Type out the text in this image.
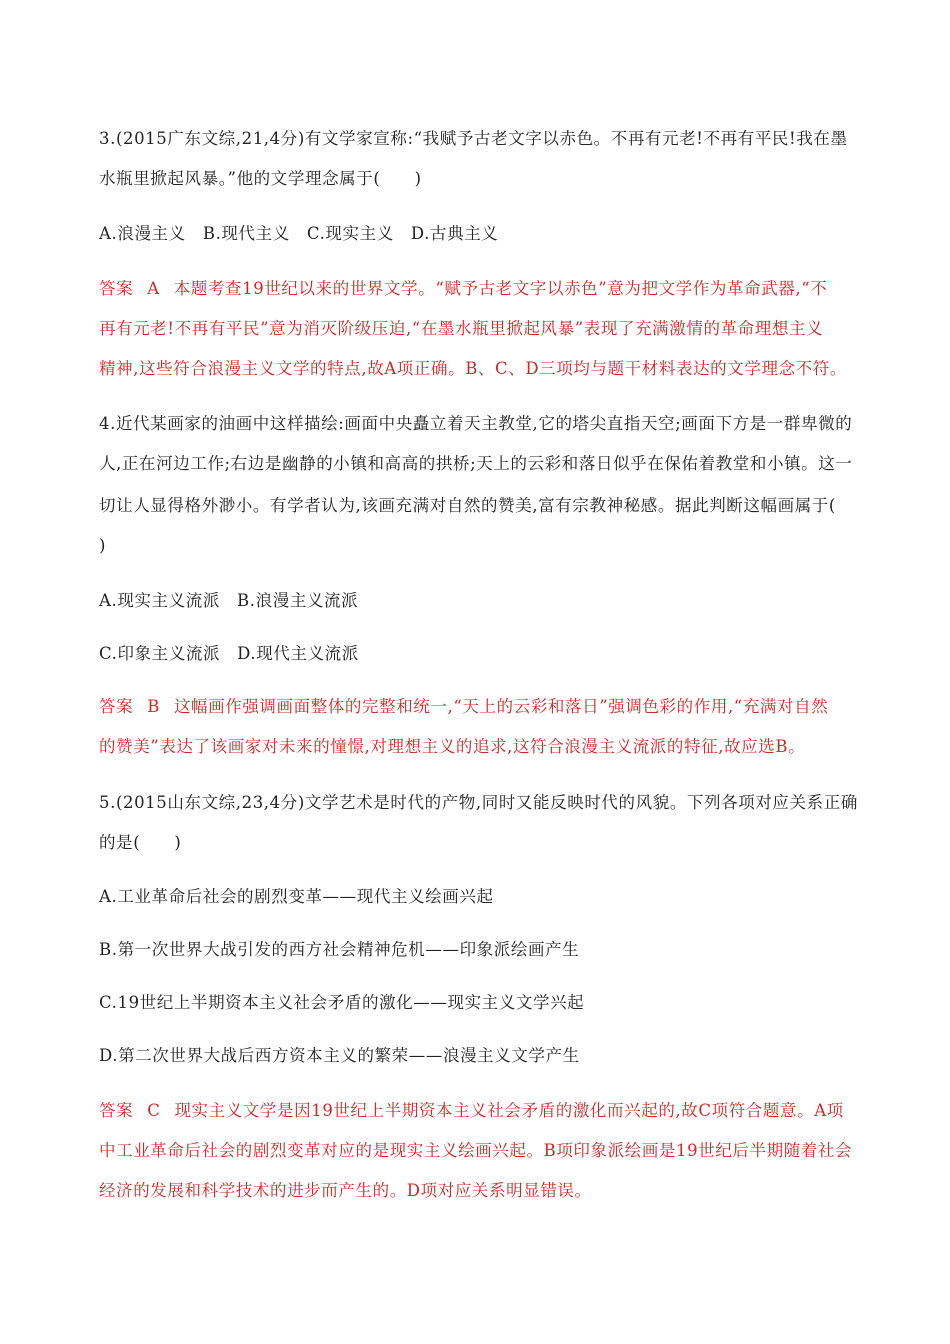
3.(2015广东文综,21,4分)有文学家宣称:“我赋予古老文字以赤色。不再有元老!不再有平民!我在墨
水瓶里掀起风暴。”他的文学理念属于(　　)
A.浪漫主义　B.现代主义　C.现实主义　D.古典主义
答案 A 本题考查19世纪以来的世界文学。“赋予古老文字以赤色”意为把文学作为革命武器,“不
再有元老!不再有平民”意为消灭阶级压迫,“在墨水瓶里掀起风暴”表现了充满激情的革命理想主义
精神,这些符合浪漫主义文学的特点,故A项正确。B、C、D三项均与题干材料表达的文学理念不符。
4.近代某画家的油画中这样描绘:画面中央矗立着天主教堂,它的塔尖直指天空;画面下方是一群卑微的
人,正在河边工作;右边是幽静的小镇和高高的拱桥;天上的云彩和落日似乎在保佑着教堂和小镇。这一
切让人显得格外渺小。有学者认为,该画充满对自然的赞美,富有宗教神秘感。据此判断这幅画属于(
)
A.现实主义流派　B.浪漫主义流派
C.印象主义流派　D.现代主义流派
答案 B 这幅画作强调画面整体的完整和统一,“天上的云彩和落日”强调色彩的作用,“充满对自然
的赞美”表达了该画家对未来的憧憬,对理想主义的追求,这符合浪漫主义流派的特征,故应选B。
5.(2015山东文综,23,4分)文学艺术是时代的产物,同时又能反映时代的风貌。下列各项对应关系正确
的是(　　)
A.工业革命后社会的剧烈变革——现代主义绘画兴起
B.第一次世界大战引发的西方社会精神危机——印象派绘画产生
C.19世纪上半期资本主义社会矛盾的激化——现实主义文学兴起
D.第二次世界大战后西方资本主义的繁荣——浪漫主义文学产生
答案 C 现实主义文学是因19世纪上半期资本主义社会矛盾的激化而兴起的,故C项符合题意。A项
中工业革命后社会的剧烈变革对应的是现实主义绘画兴起。B项印象派绘画是19世纪后半期随着社会
经济的发展和科学技术的进步而产生的。D项对应关系明显错误。
